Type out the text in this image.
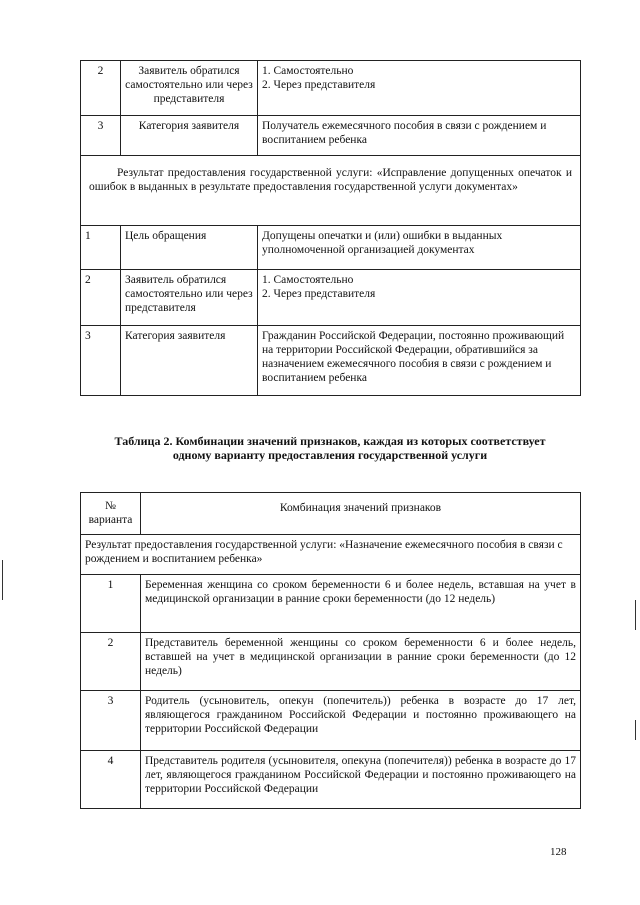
2	Заявитель обратился самостоятельно или через представителя	1. Самостоятельно
2. Через представителя
3	Категория заявителя	Получатель ежемесячного пособия в связи с рождением и воспитанием ребенка
Результат предоставления государственной услуги: «Исправление допущенных опечаток и ошибок в выданных в результате предоставления государственной услуги документах»		
1	Цель обращения	Допущены опечатки и (или) ошибки в выданных уполномоченной организацией документах
2	Заявитель обратился самостоятельно или через представителя	1. Самостоятельно
2. Через представителя
3	Категория заявителя	Гражданин Российской Федерации, постоянно проживающий на территории Российской Федерации, обратившийся за назначением ежемесячного пособия в связи с рождением и воспитанием ребенка
Таблица 2. Комбинации значений признаков, каждая из которых соответствует одному варианту предоставления государственной услуги
№ варианта	Комбинация значений признаков
Результат предоставления государственной услуги: «Назначение ежемесячного пособия в связи с рождением и воспитанием ребенка»	
1	Беременная женщина со сроком беременности 6 и более недель, вставшая на учет в медицинской организации в ранние сроки беременности (до 12 недель)
2	Представитель беременной женщины со сроком беременности 6 и более недель, вставшей на учет в медицинской организации в ранние сроки беременности (до 12 недель)
3	Родитель (усыновитель, опекун (попечитель)) ребенка в возрасте до 17 лет, являющегося гражданином Российской Федерации и постоянно проживающего на территории Российской Федерации
4	Представитель родителя (усыновителя, опекуна (попечителя)) ребенка в возрасте до 17 лет, являющегося гражданином Российской Федерации и постоянно проживающего на территории Российской Федерации
128
